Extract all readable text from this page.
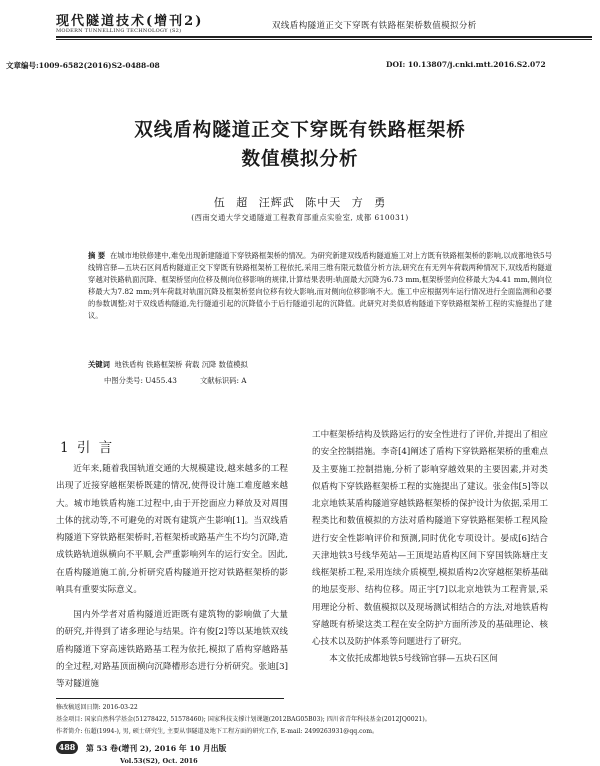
现代隧道技术(增刊2)
MODERN TUNNELLING TECHNOLOGY (S2)	双线盾构隧道正交下穿既有铁路框架桥数值模拟分析
文章编号:1009-6582(2016)S2-0488-08	DOI: 10.13807/j.cnki.mtt.2016.S2.072
双线盾构隧道正交下穿既有铁路框架桥
数值模拟分析
伍 超 汪辉武 陈中天 方 勇
(西南交通大学交通隧道工程教育部重点实验室, 成都 610031)
摘 要 在城市地铁修建中,难免出现新建隧道下穿铁路框架桥的情况。为研究新建双线盾构隧道施工对上方既有铁路框架桥的影响,以成都地铁5号线锦官驿—五块石区间盾构隧道正交下穿既有铁路框架桥工程依托,采用三维有限元数值分析方法,研究在有无列车荷载两种情况下,双线盾构隧道穿越对铁路轨面沉降、框架桥竖向位移及侧向位移影响的规律,计算结果表明:轨面最大沉降为6.73 mm,框架桥竖向位移最大为4.41 mm,侧向位移最大为7.82 mm;列车荷载对轨面沉降及框架桥竖向位移有较大影响,而对侧向位移影响不大。施工中应根据列车运行情况进行全面监测和必要的参数调整;对于双线盾构隧道,先行隧道引起的沉降值小于后行隧道引起的沉降值。此研究对类似盾构隧道下穿铁路框架桥工程的实施提出了建议。
关键词 地铁盾构 铁路框架桥 荷载 沉降 数值模拟
中图分类号: U455.43	文献标识码: A
1 引 言

近年来,随着我国轨道交通的大规模建设,越来越多的工程出现了近接穿越框架桥既建的情况,使得设计施工难度越来越大。城市地铁盾构施工过程中,由于开挖面应力释放及对周围土体的扰动等,不可避免的对既有建筑产生影响[1]。当双线盾构隧道下穿铁路框架桥时,若框架桥或路基产生不均匀沉降,造成铁路轨道纵横向不平顺,会严重影响列车的运行安全。因此,在盾构隧道施工前,分析研究盾构隧道开挖对铁路框架桥的影响具有重要实际意义。

国内外学者对盾构隧道近距既有建筑物的影响做了大量的研究,并得到了诸多理论与结果。许有俊[2]等以某地铁双线盾构隧道下穿高速铁路路基工程为依托,模拟了盾构穿越路基的全过程,对路基顶面横向沉降槽形态进行分析研究。张迪[3]等对隧道施

工中框架桥结构及铁路运行的安全性进行了评价,并提出了相应的安全控制措施。李奇[4]阐述了盾构下穿铁路框架桥的重难点及主要施工控制措施,分析了影响穿越效果的主要因素,并对类似盾构下穿铁路框架桥工程的实施提出了建议。张金伟[5]等以北京地铁某盾构隧道穿越铁路框架桥的保护设计为依据,采用工程类比和数值模拟的方法对盾构隧道下穿铁路框架桥工程风险进行安全性影响评价和预测,同时优化专项设计。晏成[6]结合天津地铁3号线华苑站—王顶堤站盾构区间下穿国铁陈塘庄支线框架桥工程,采用连续介质模型,模拟盾构2次穿越框架桥基础的地层变形、结构位移。周正宇[7]以北京地铁为工程背景,采用理论分析、数值模拟以及现场测试相结合的方法,对地铁盾构穿越既有桥梁这类工程在安全防护方面所涉及的基础理论、核心技术以及防护体系等问题进行了研究。

本文依托成都地铁5号线锦官驿—五块石区间

修改稿返回日期: 2016-03-22
基金项目: 国家自然科学基金(51278422, 51578460); 国家科技支撑计划课题(2012BAG05B03); 四川省青年科技基金(2012JQ0021)。
作者简介: 伍超(1994-), 男, 硕士研究生, 主要从事隧道及地下工程方面的研究工作, E-mail: 2499263931@qq.com。
488	第 53 卷(增刊 2), 2016 年 10 月出版
Vol.53(S2), Oct. 2016
